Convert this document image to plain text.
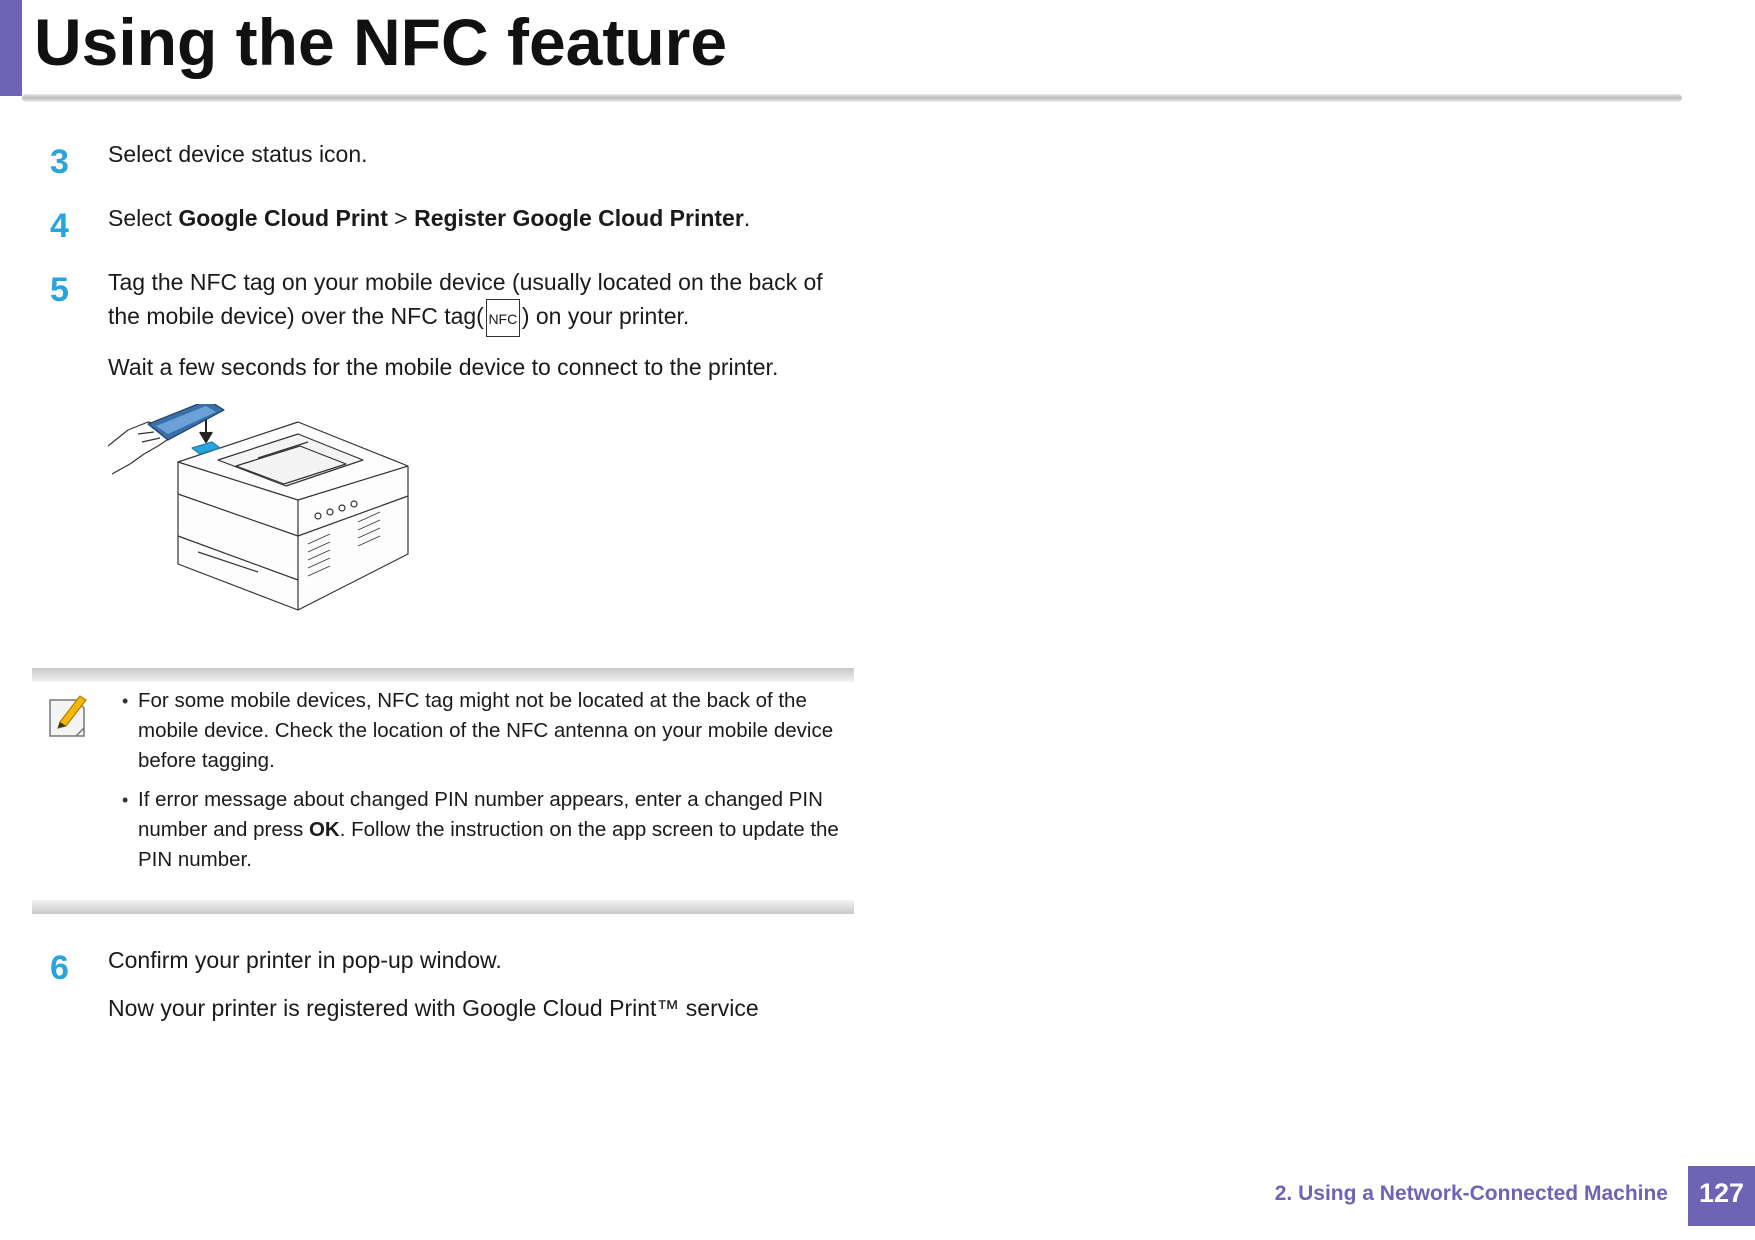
Using the NFC feature
3 Select device status icon.
4 Select Google Cloud Print > Register Google Cloud Printer.
5 Tag the NFC tag on your mobile device (usually located on the back of the mobile device) over the NFC tag( NFC ) on your printer.
Wait a few seconds for the mobile device to connect to the printer.
• For some mobile devices, NFC tag might not be located at the back of the mobile device. Check the location of the NFC antenna on your mobile device before tagging.
• If error message about changed PIN number appears, enter a changed PIN number and press OK. Follow the instruction on the app screen to update the PIN number.
6 Confirm your printer in pop-up window.
Now your printer is registered with Google Cloud Print™ service
2. Using a Network-Connected Machine	127
